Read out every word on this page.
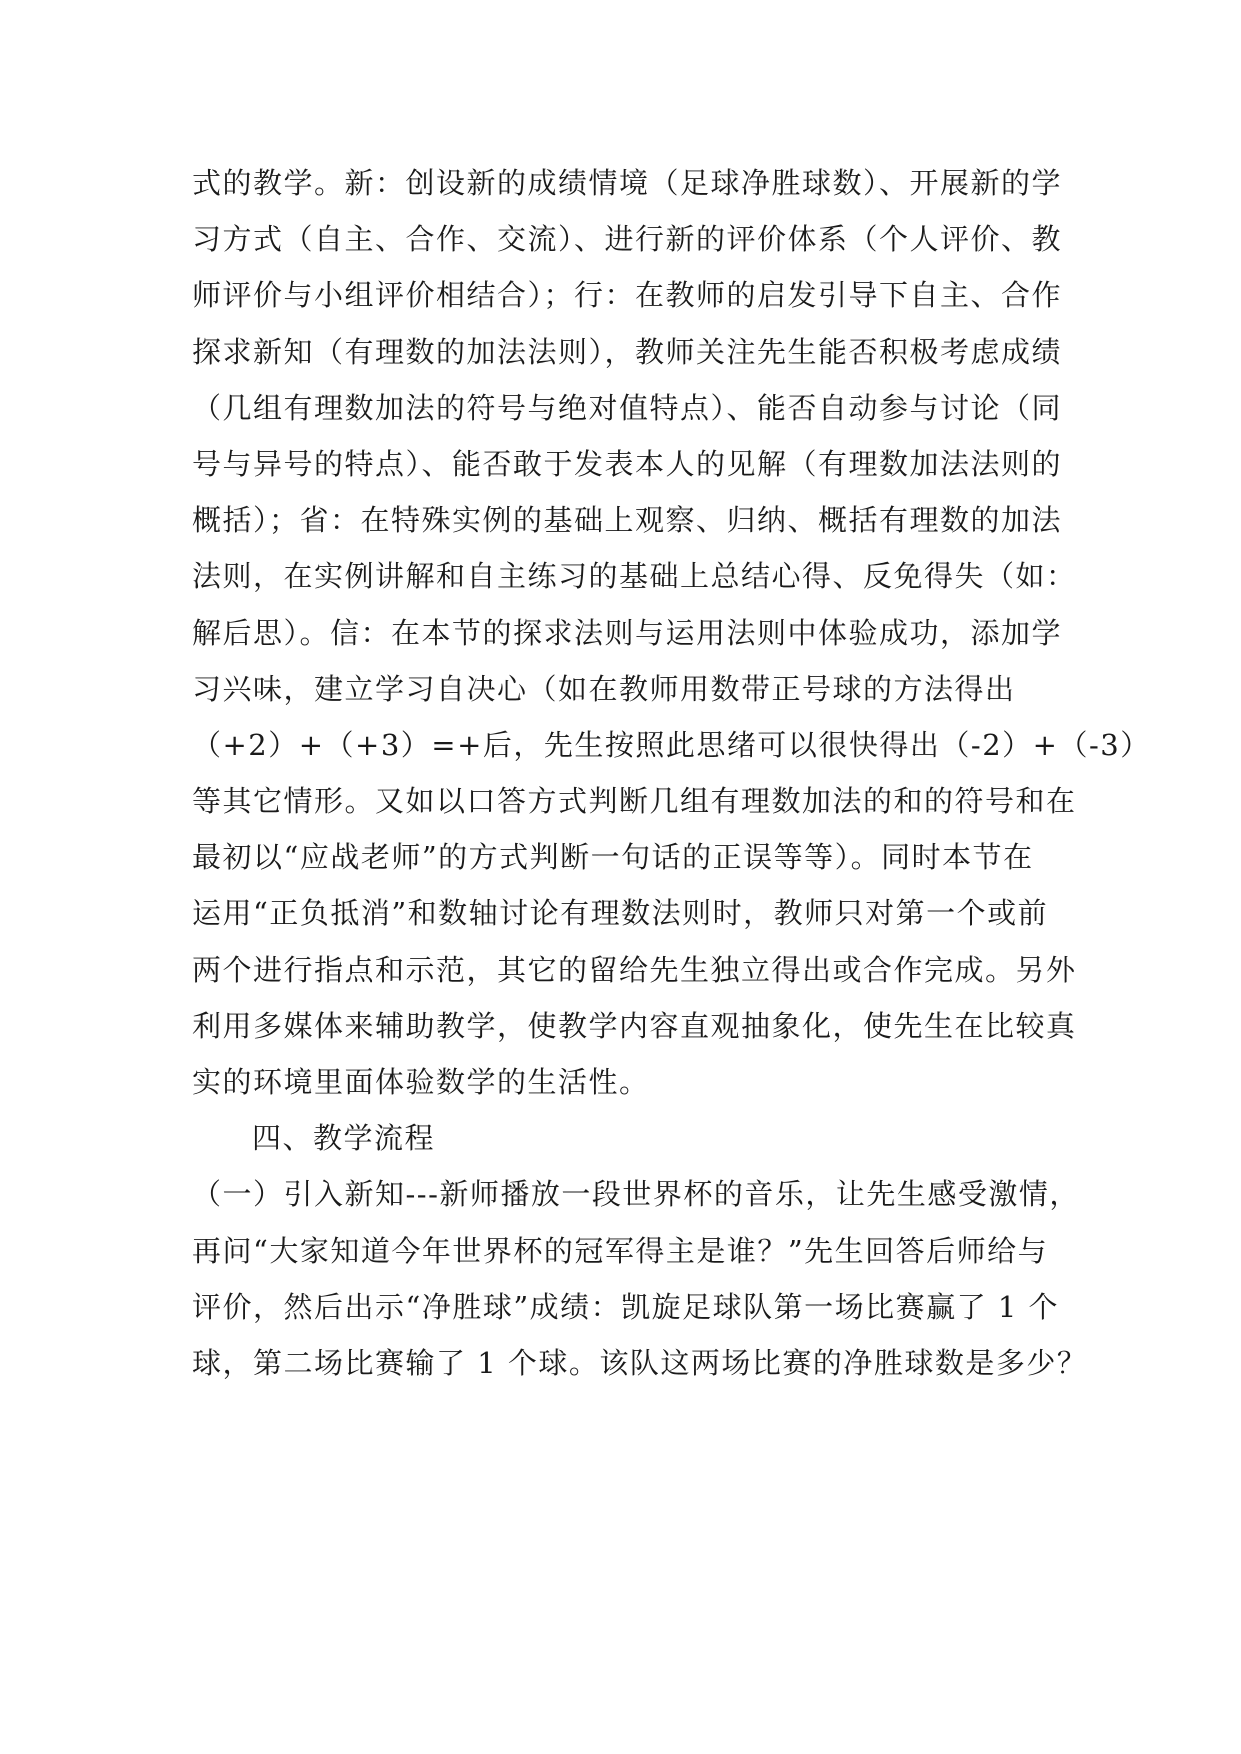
式的教学。新：创设新的成绩情境（足球净胜球数）、开展新的学
习方式（自主、合作、交流）、进行新的评价体系（个人评价、教
师评价与小组评价相结合）；行：在教师的启发引导下自主、合作
探求新知（有理数的加法法则），教师关注先生能否积极考虑成绩
（几组有理数加法的符号与绝对值特点）、能否自动参与讨论（同
号与异号的特点）、能否敢于发表本人的见解（有理数加法法则的
概括）；省：在特殊实例的基础上观察、归纳、概括有理数的加法
法则，在实例讲解和自主练习的基础上总结心得、反免得失（如：
解后思）。信：在本节的探求法则与运用法则中体验成功，添加学
习兴味，建立学习自决心（如在教师用数带正号球的方法得出
（+2）+（+3）=+后，先生按照此思绪可以很快得出（-2）+（-3）
等其它情形。又如以口答方式判断几组有理数加法的和的符号和在
最初以“应战老师”的方式判断一句话的正误等等）。同时本节在
运用“正负抵消”和数轴讨论有理数法则时，教师只对第一个或前
两个进行指点和示范，其它的留给先生独立得出或合作完成。另外
利用多媒体来辅助教学，使教学内容直观抽象化，使先生在比较真
实的环境里面体验数学的生活性。
四、教学流程
（一）引入新知---新师播放一段世界杯的音乐，让先生感受激情，
再问“大家知道今年世界杯的冠军得主是谁？”先生回答后师给与
评价，然后出示“净胜球”成绩：凯旋足球队第一场比赛赢了 1 个
球，第二场比赛输了 1 个球。该队这两场比赛的净胜球数是多少？
